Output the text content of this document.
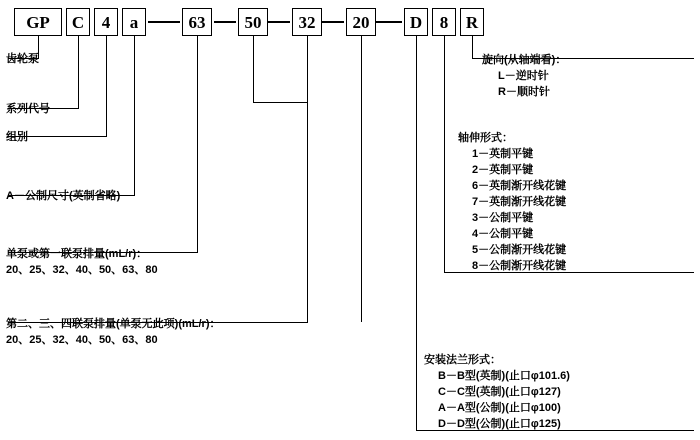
GP	C	4	a	63	50	32	20	D	8	R
齿轮泵
系列代号
组别
A－公制尺寸(英制省略)
单泵或第一联泵排量(mL/r)：
20、25、32、40、50、63、80
第二、三、四联泵排量(单泵无此项)(mL/r)：
20、25、32、40、50、63、80
旋向(从轴端看)：
L－逆时针
R－顺时针
轴伸形式：
1－英制平键
2－英制平键
6－英制渐开线花键
7－英制渐开线花键
3－公制平键
4－公制平键
5－公制渐开线花键
8－公制渐开线花键
安装法兰形式：
B－B型(英制)(止口φ101.6)
C－C型(英制)(止口φ127)
A－A型(公制)(止口φ100)
D－D型(公制)(止口φ125)
